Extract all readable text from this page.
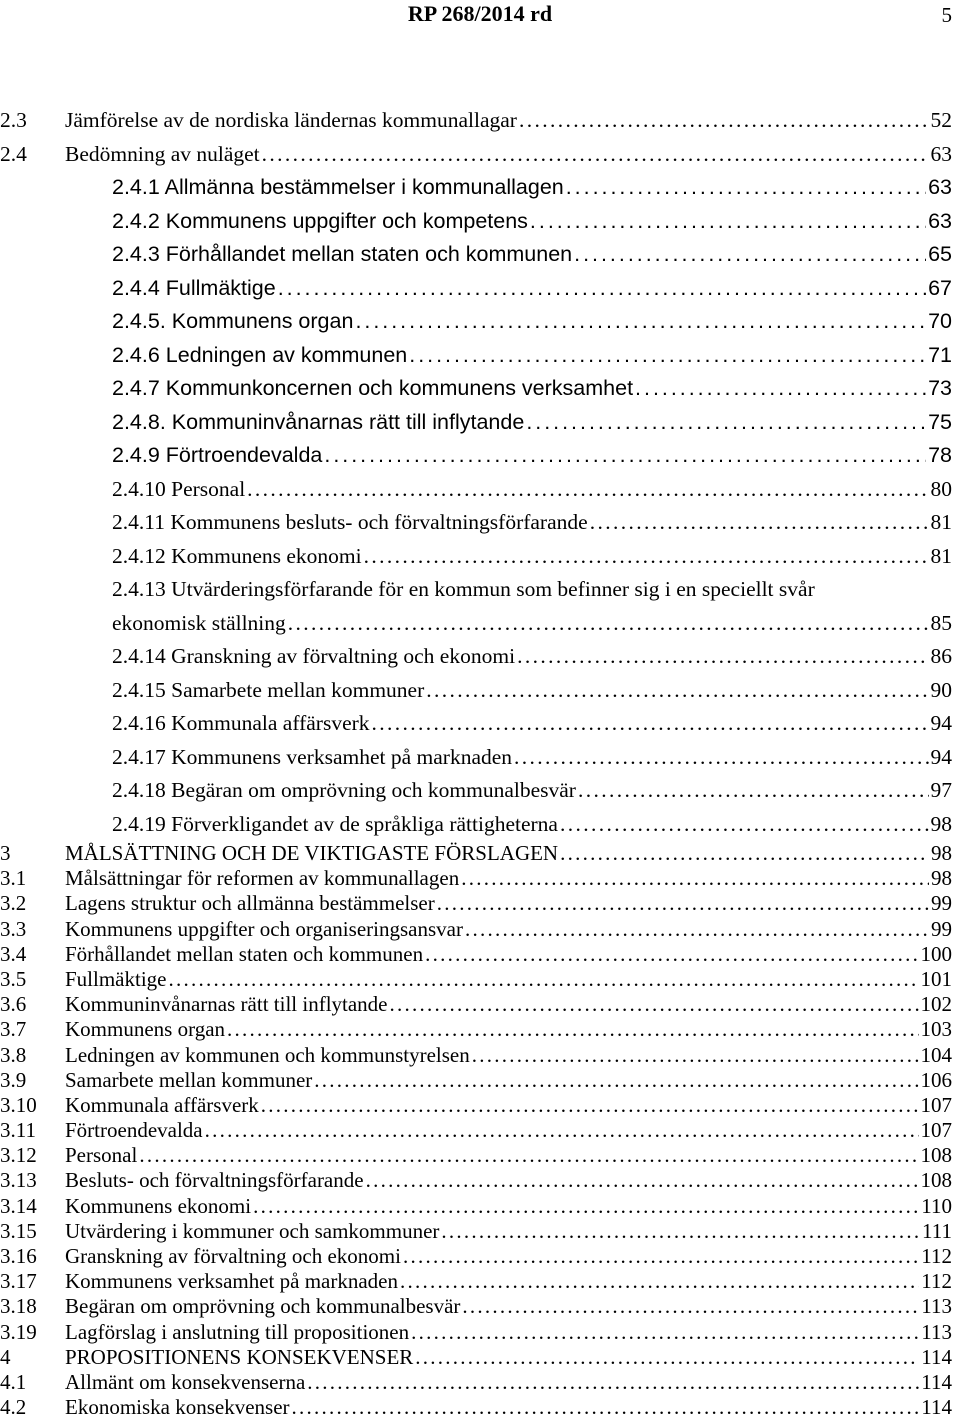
RP 268/2014 rd	5
2.3	Jämförelse av de nordiska ländernas kommunallagar . . .	52
2.4	Bedömning av nuläget . . .	63
2.4.1 Allmänna bestämmelser i kommunallagen . . .	63
2.4.2 Kommunens uppgifter och kompetens . . .	63
2.4.3 Förhållandet mellan staten och kommunen . . .	65
2.4.4 Fullmäktige . . .	67
2.4.5. Kommunens organ . . .	70
2.4.6 Ledningen av kommunen . . .	71
2.4.7 Kommunkoncernen och kommunens verksamhet . . .	73
2.4.8. Kommuninvånarnas rätt till inflytande . . .	75
2.4.9 Förtroendevalda . . .	78
2.4.10 Personal . . .	80
2.4.11 Kommunens besluts- och förvaltningsförfarande . . .	81
2.4.12 Kommunens ekonomi . . .	81
2.4.13 Utvärderingsförfarande för en kommun som befinner sig i en speciellt svår
ekonomisk ställning . . .	85
2.4.14 Granskning av förvaltning och ekonomi . . .	86
2.4.15 Samarbete mellan kommuner . . .	90
2.4.16 Kommunala affärsverk . . .	94
2.4.17 Kommunens verksamhet på marknaden . . .	94
2.4.18 Begäran om omprövning och kommunalbesvär . . .	97
2.4.19 Förverkligandet av de språkliga rättigheterna . . .	98
3	MÅLSÄTTNING OCH DE VIKTIGASTE FÖRSLAGEN . . .	98
3.1	Målsättningar för reformen av kommunallagen . . .	98
3.2	Lagens struktur och allmänna bestämmelser . . .	99
3.3	Kommunens uppgifter och organiseringsansvar . . .	99
3.4	Förhållandet mellan staten och kommunen . . .	100
3.5	Fullmäktige . . .	101
3.6	Kommuninvånarnas rätt till inflytande . . .	102
3.7	Kommunens organ . . .	103
3.8	Ledningen av kommunen och kommunstyrelsen . . .	104
3.9	Samarbete mellan kommuner . . .	106
3.10	Kommunala affärsverk . . .	107
3.11	Förtroendevalda . . .	107
3.12	Personal . . .	108
3.13	Besluts- och förvaltningsförfarande . . .	108
3.14	Kommunens ekonomi . . .	110
3.15	Utvärdering i kommuner och samkommuner . . .	111
3.16	Granskning av förvaltning och ekonomi . . .	112
3.17	Kommunens verksamhet på marknaden . . .	112
3.18	Begäran om omprövning och kommunalbesvär . . .	113
3.19	Lagförslag i anslutning till propositionen . . .	113
4	PROPOSITIONENS KONSEKVENSER . . .	114
4.1	Allmänt om konsekvenserna . . .	114
4.2	Ekonomiska konsekvenser . . .	114
